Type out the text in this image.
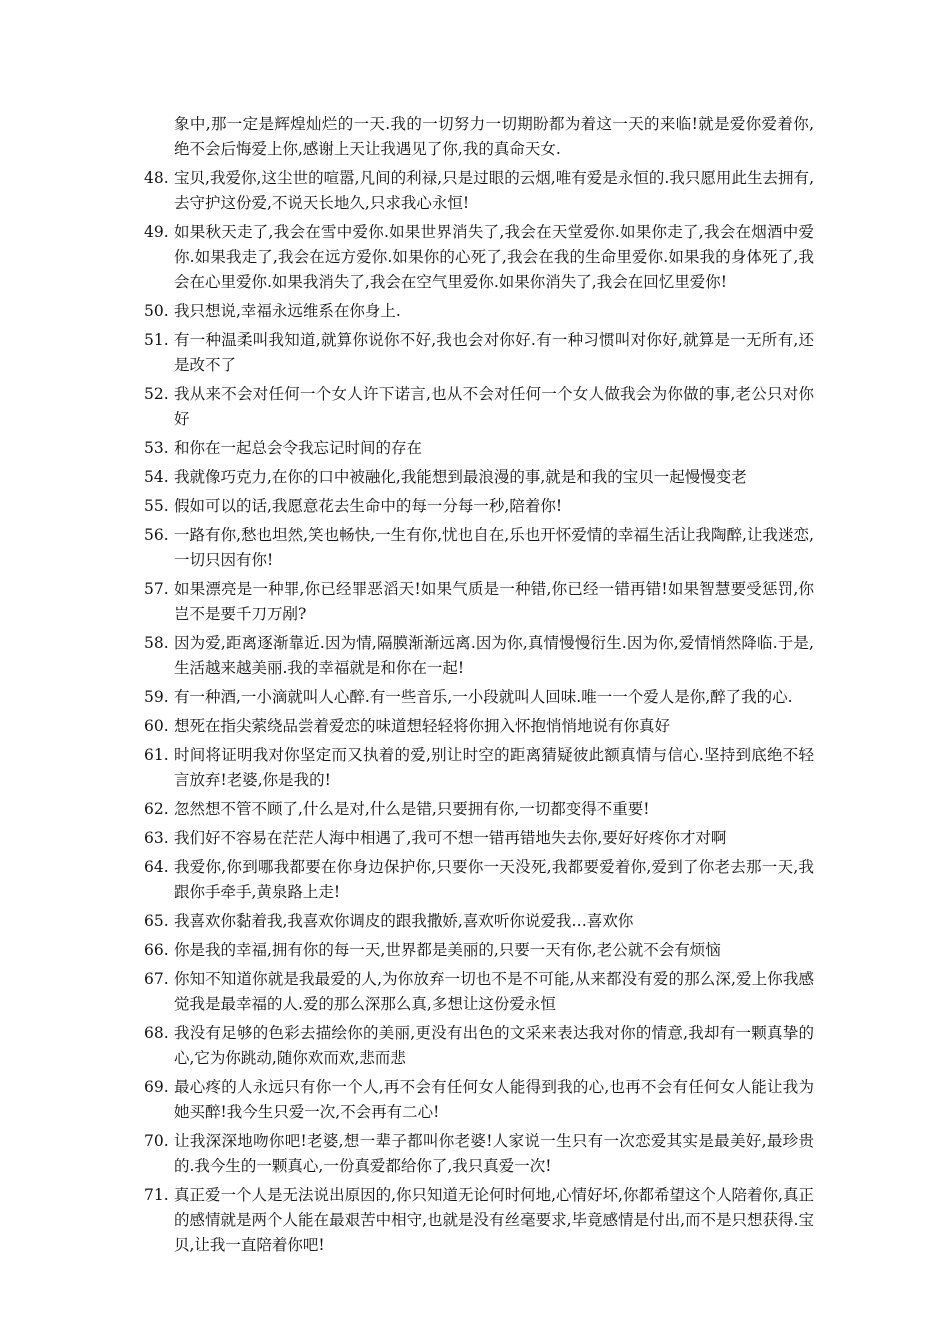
象中,那一定是辉煌灿烂的一天.我的一切努力一切期盼都为着这一天的来临!就是爱你爱着你,绝不会后悔爱上你,感谢上天让我遇见了你,我的真命天女.

48. 宝贝,我爱你,这尘世的喧嚣,凡间的利禄,只是过眼的云烟,唯有爱是永恒的.我只愿用此生去拥有,去守护这份爱,不说天长地久,只求我心永恒!
49. 如果秋天走了,我会在雪中爱你.如果世界消失了,我会在天堂爱你.如果你走了,我会在烟酒中爱你.如果我走了,我会在远方爱你.如果你的心死了,我会在我的生命里爱你.如果我的身体死了,我会在心里爱你.如果我消失了,我会在空气里爱你.如果你消失了,我会在回忆里爱你!
50. 我只想说,幸福永远维系在你身上.
51. 有一种温柔叫我知道,就算你说你不好,我也会对你好.有一种习惯叫对你好,就算是一无所有,还是改不了
52. 我从来不会对任何一个女人许下诺言,也从不会对任何一个女人做我会为你做的事,老公只对你好
53. 和你在一起总会令我忘记时间的存在
54. 我就像巧克力,在你的口中被融化,我能想到最浪漫的事,就是和我的宝贝一起慢慢变老
55. 假如可以的话,我愿意花去生命中的每一分每一秒,陪着你!
56. 一路有你,愁也坦然,笑也畅快,一生有你,忧也自在,乐也开怀爱情的幸福生活让我陶醉,让我迷恋,一切只因有你!
57. 如果漂亮是一种罪,你已经罪恶滔天!如果气质是一种错,你已经一错再错!如果智慧要受惩罚,你岂不是要千刀万剐?
58. 因为爱,距离逐渐靠近.因为情,隔膜渐渐远离.因为你,真情慢慢衍生.因为你,爱情悄然降临.于是,生活越来越美丽.我的幸福就是和你在一起!
59. 有一种酒,一小滴就叫人心醉.有一些音乐,一小段就叫人回味.唯一一个爱人是你,醉了我的心.
60. 想死在指尖萦绕品尝着爱恋的味道想轻轻将你拥入怀抱悄悄地说有你真好
61. 时间将证明我对你坚定而又执着的爱,别让时空的距离猜疑彼此额真情与信心.坚持到底绝不轻言放弃!老婆,你是我的!
62. 忽然想不管不顾了,什么是对,什么是错,只要拥有你,一切都变得不重要!
63. 我们好不容易在茫茫人海中相遇了,我可不想一错再错地失去你,要好好疼你才对啊
64. 我爱你,你到哪我都要在你身边保护你,只要你一天没死,我都要爱着你,爱到了你老去那一天,我跟你手牵手,黄泉路上走!
65. 我喜欢你黏着我,我喜欢你调皮的跟我撒娇,喜欢听你说爱我…喜欢你
66. 你是我的幸福,拥有你的每一天,世界都是美丽的,只要一天有你,老公就不会有烦恼
67. 你知不知道你就是我最爱的人,为你放弃一切也不是不可能,从来都没有爱的那么深,爱上你我感觉我是最幸福的人.爱的那么深那么真,多想让这份爱永恒
68. 我没有足够的色彩去描绘你的美丽,更没有出色的文采来表达我对你的情意,我却有一颗真挚的心,它为你跳动,随你欢而欢,悲而悲
69. 最心疼的人永远只有你一个人,再不会有任何女人能得到我的心,也再不会有任何女人能让我为她买醉!我今生只爱一次,不会再有二心!
70. 让我深深地吻你吧!老婆,想一辈子都叫你老婆!人家说一生只有一次恋爱其实是最美好,最珍贵的.我今生的一颗真心,一份真爱都给你了,我只真爱一次!
71. 真正爱一个人是无法说出原因的,你只知道无论何时何地,心情好坏,你都希望这个人陪着你,真正的感情就是两个人能在最艰苦中相守,也就是没有丝毫要求,毕竟感情是付出,而不是只想获得.宝贝,让我一直陪着你吧!
